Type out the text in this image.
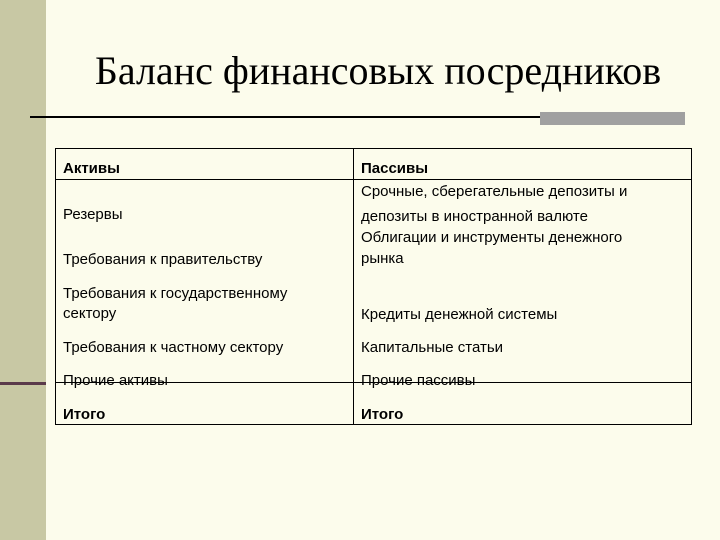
Баланс финансовых посредников
Активы
Резервы
Требования к правительству
Требования к государственному
сектору
Требования к частному сектору
Прочие активы
Итого
Пассивы
Срочные, сберегательные депозиты и
депозиты в иностранной валюте
Облигации и инструменты денежного
рынка
Кредиты денежной системы
Капитальные статьи
Прочие пассивы
Итого
